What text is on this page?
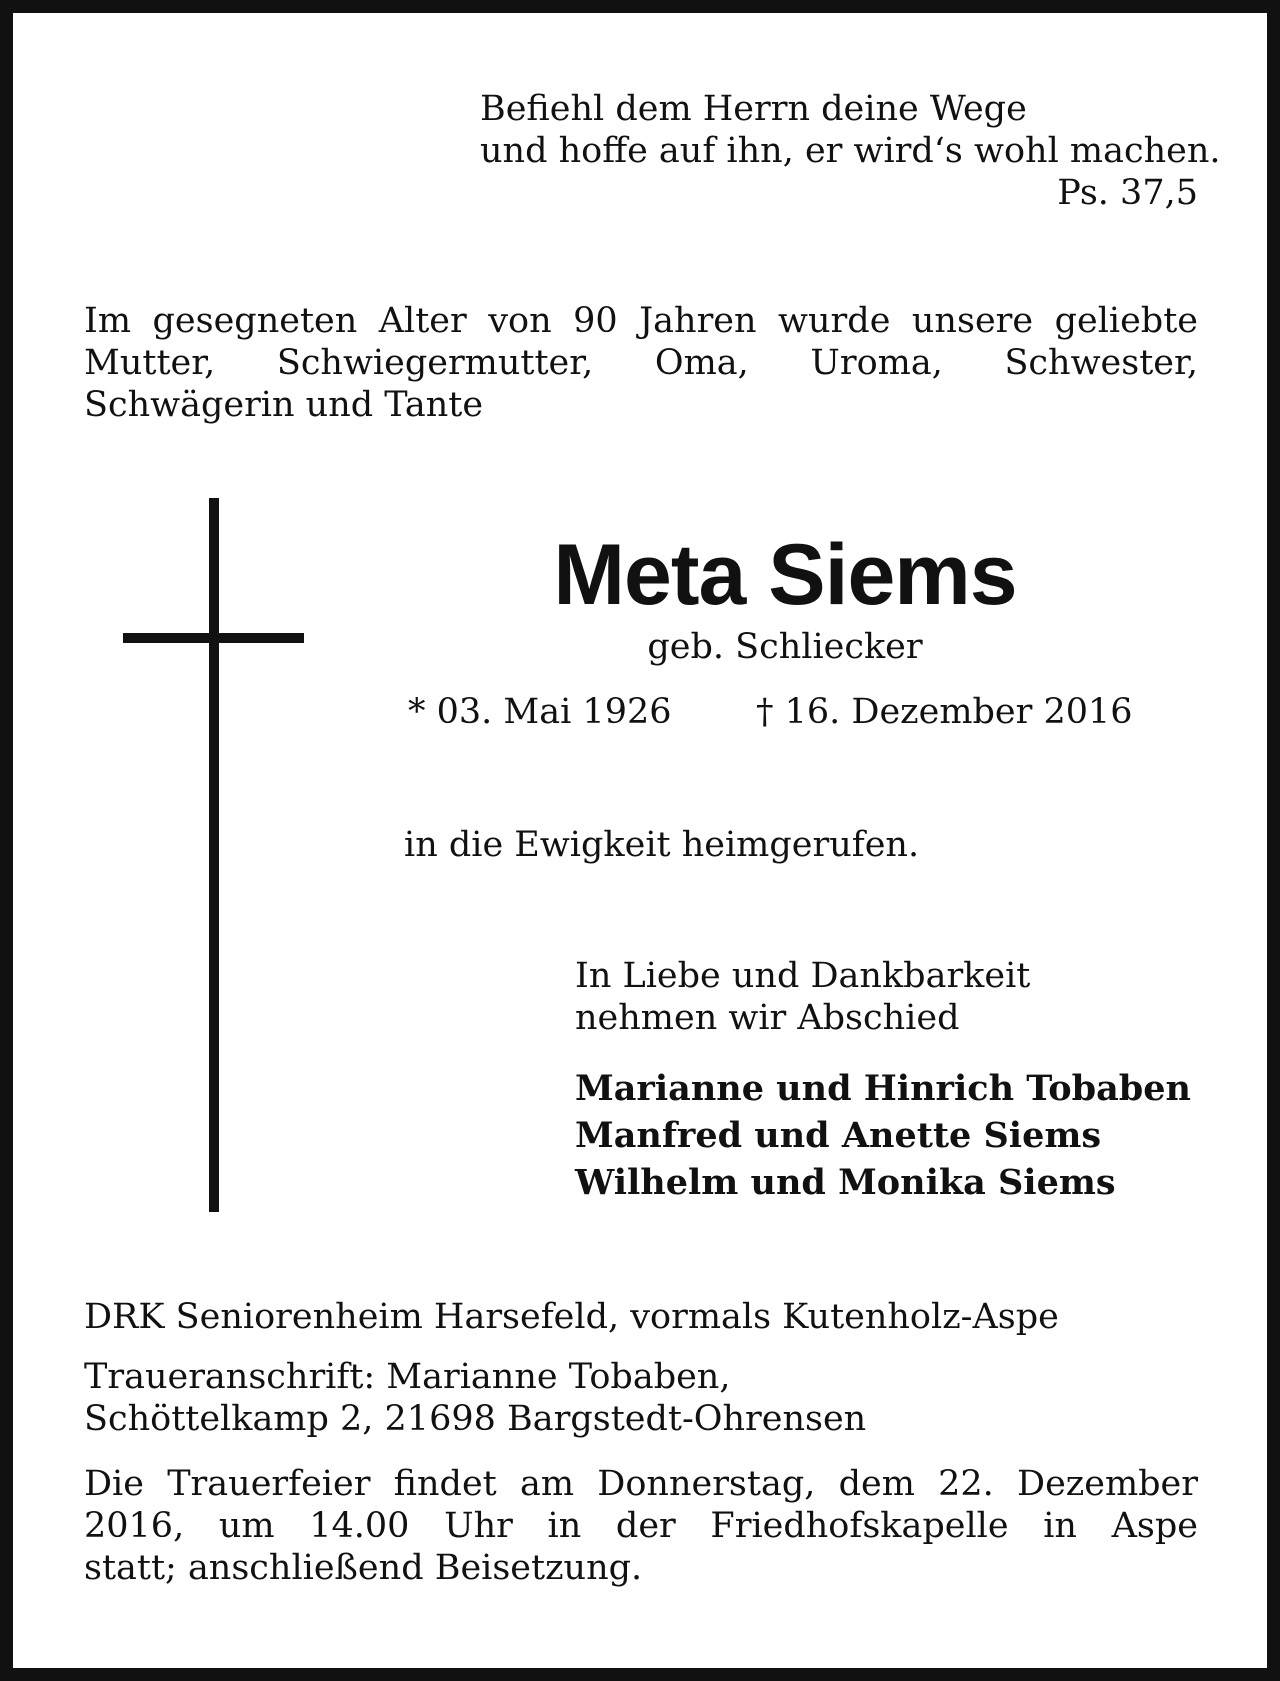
Befiehl dem Herrn deine Wege
und hoffe auf ihn, er wird‘s wohl machen.
Ps. 37,5
Im gesegneten Alter von 90 Jahren wurde unsere geliebte
Mutter, Schwiegermutter, Oma, Uroma, Schwester,
Schwägerin und Tante
Meta Siems
geb. Schliecker
* 03. Mai 1926 † 16. Dezember 2016
in die Ewigkeit heimgerufen.
In Liebe und Dankbarkeit
nehmen wir Abschied
Marianne und Hinrich Tobaben
Manfred und Anette Siems
Wilhelm und Monika Siems
DRK Seniorenheim Harsefeld, vormals Kutenholz-Aspe
Traueranschrift: Marianne Tobaben,
Schöttelkamp 2, 21698 Bargstedt-Ohrensen
Die Trauerfeier findet am Donnerstag, dem 22. Dezember
2016, um 14.00 Uhr in der Friedhofskapelle in Aspe
statt; anschließend Beisetzung.
